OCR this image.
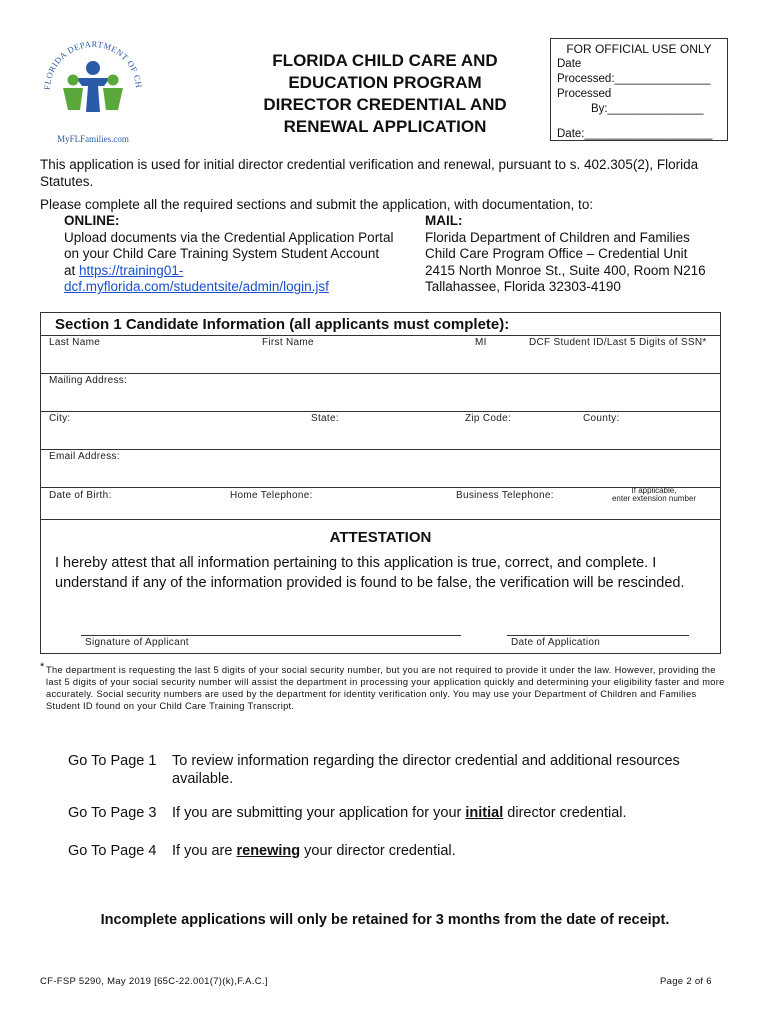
FLORIDA DEPARTMENT OF CH
MyFLFamilies.com
FLORIDA CHILD CARE AND
EDUCATION PROGRAM
DIRECTOR CREDENTIAL AND
RENEWAL APPLICATION
FOR OFFICIAL USE ONLY
Date
Processed:_______________
Processed
By:_______________
Date:____________________
This application is used for initial director credential verification and renewal, pursuant to s. 402.305(2), Florida Statutes.
Please complete all the required sections and submit the application, with documentation, to:
ONLINE:
Upload documents via the Credential Application Portal on your Child Care Training System Student Account at https://training01-dcf.myflorida.com/studentsite/admin/login.jsf
MAIL:
Florida Department of Children and Families
Child Care Program Office – Credential Unit
2415 North Monroe St., Suite 400, Room N216
Tallahassee, Florida 32303-4190
Section 1 Candidate Information (all applicants must complete):
Last Name	First Name	MI	DCF Student ID/Last 5 Digits of SSN*
Mailing Address:
City:	State:	Zip Code:	County:
Email Address:
Date of Birth:	Home Telephone:	Business Telephone:	If applicable,
enter extension number
ATTESTATION
I hereby attest that all information pertaining to this application is true, correct, and complete. I understand if any of the information provided is found to be false, the verification will be rescinded.
Signature of Applicant	Date of Application
* The department is requesting the last 5 digits of your social security number, but you are not required to provide it under the law. However, providing the last 5 digits of your social security number will assist the department in processing your application quickly and determining your eligibility faster and more accurately. Social security numbers are used by the department for identity verification only. You may use your Department of Children and Families Student ID found on your Child Care Training Transcript.
Go To Page 1 To review information regarding the director credential and additional resources available.
Go To Page 3 If you are submitting your application for your initial director credential.
Go To Page 4 If you are renewing your director credential.
Incomplete applications will only be retained for 3 months from the date of receipt.
CF-FSP 5290, May 2019 [65C-22.001(7)(k),F.A.C.]	Page 2 of 6
